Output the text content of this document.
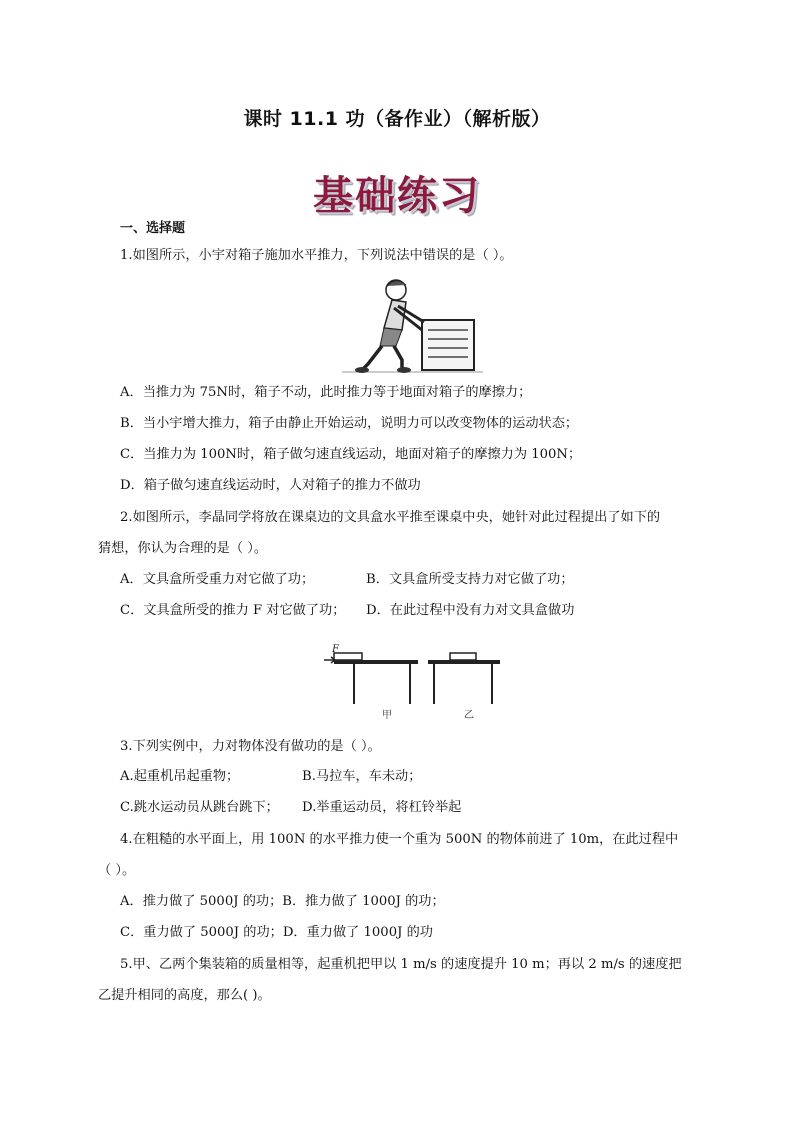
课时 11.1 功（备作业）（解析版）
基础练习
一、选择题
1.如图所示，小宇对箱子施加水平推力，下列说法中错误的是（ ）。
A．当推力为 75N时，箱子不动，此时推力等于地面对箱子的摩擦力；
B．当小宇增大推力，箱子由静止开始运动，说明力可以改变物体的运动状态；
C．当推力为 100N时，箱子做匀速直线运动，地面对箱子的摩擦力为 100N；
D．箱子做匀速直线运动时，人对箱子的推力不做功
2.如图所示，李晶同学将放在课桌边的文具盒水平推至课桌中央，她针对此过程提出了如下的
猜想，你认为合理的是（ ）。
A．文具盒所受重力对它做了功；	B．文具盒所受支持力对它做了功；
C．文具盒所受的推力 F 对它做了功； D．在此过程中没有力对文具盒做功
F
甲	乙
3.下列实例中，力对物体没有做功的是（ ）。
A.起重机吊起重物；	B.马拉车，车未动；
C.跳水运动员从跳台跳下； D.举重运动员，将杠铃举起
4.在粗糙的水平面上，用 100N 的水平推力使一个重为 500N 的物体前进了 10m，在此过程中
（ ）。
A．推力做了 5000J 的功；B．推力做了 1000J 的功；
C．重力做了 5000J 的功；D．重力做了 1000J 的功
5.甲、乙两个集装箱的质量相等，起重机把甲以 1 m/s 的速度提升 10 m；再以 2 m/s 的速度把
乙提升相同的高度，那么( )。
